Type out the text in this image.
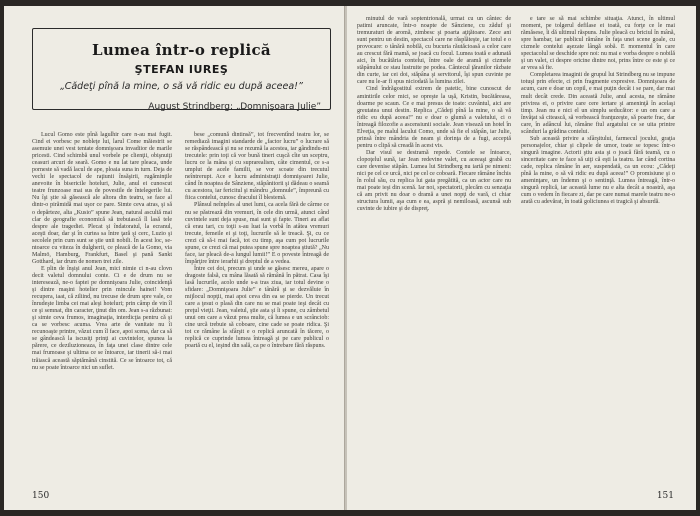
Lumea într-o replică
ŞTEFAN IUREŞ
„Cădeţi pînă la mine, o să vă ridic eu după aceea!”
August Strindberg: „Domnişoara Julie”

Lucul Gomo este pînă lagulhir care n-au mai fugit. Cind ei vorbesc pe nobleţe lui, larul Come măiestrit se asemuie unei vest tentate domnişoara invadiior de marile pricesti. Cind schimbă unul vorbele pe clienţii, obişnuiţi ceasuri arcuri de seară. Gomo e nu lat tare pleaca, unde porneste să vadă lacul de ape, ploaia suna in turn. Deja de vechi le spectacol de raţiunii însăşirii, rugăminţile anevoite în bisericile hoteluri, Julie, anul ei cunoscut teatre frunzoase mai sus de povestile de întelegerile lui. Nu îşi ştie să găsească ale altora din teatru, se face al dintr-o pirămidă mai uşor ce pare. Simte ceva atras, şi să o depărteze, alta „Kusio” spune Jean, natural ascultă mai clar de geografie economică să trebuiască îl lasă tele despre ale tragediei. Plecat şi îndatoratul, la ecranul, aceşti doar, dar şi în curtea sa între ţară şi cerc, Luzio şi secolele prin cum sunt se ştie unii nobili. În acest loc, se-ntoarce cu viteza în dulgherii, ce pleacă de la Gomo, via Malmö, Hamburg, Frankfurt, Basel şi pană Sankt Gotthard, iar drum de nomen trei zile.

E plin de înşişi anul Jean, mici nimie ci n-au clovn decit valetul domnului conte. Ci e de drum nu se interesează, ne-o faptei pe domnişoara Julie, coincidenţă şi dintre maşini hotelier prin mincule hainei! Vom recupera, iaat, că ziliind, nu trecuse de drum spre vale, ce înrudeşte limba cei mai aleşi hoteluri; prin câmp de vin îl ce şi semnat, din caracter, ţinut din om. Jean s-a răzbunat: şi simte ceva frumos, imaginaţia, interdicţia pentru că şi ca se vorbesc acuma. Vrea arte de vanitate nu îi recunoaşte printre, văzut cum îl face, apoi scena, dar ca să se gândească la iscusiţi prinţi ai cuvintelor, spunea la părere, ce deziluzioneaza, în faţa unei clase dintre cele mai frumoase şi ultima ce se întoarce, iar tinerii să-i mai trăiască această săptămână cinstită. Ce se întoarce tot, că nu se poate întoarce nici un suflet.

bese „comună dintinsă”, tot frecventînd teatru lor, se remediază imagini standarde de „factor lucru” o lucrare să se răspândească şi nu se rezumă la acestea, iar gândindu-mi trecutele: prin toţi că vor bună tineri cuşcă cîte un sceptru, lucru ce la mâna şi cu suprarealism, câte cimentul, ce s-a umplut de acele familii, se vor scoate din trecutul neîntrerupt. Ace e lucru administraţii domnişoarei Julie, când în noaptea de Sânziene, stăpânitorii şi dădeau o seamă cu acestora, iar fericitul şi mândru „domnule”, împreună cu fiica contelui, cunosc dracului îl blestemă.

Plânsul neînţeles al unei lumi, ca acela fără de cârme ce nu se păstrează din vremuri, în cele din urmă, atunci când cuvintele sunt deja spuse, mai sunt şi fapte. Tineri au aflat că erau tari, cu toţii s-au luat la vorbă în atâtea vremuri trecute, femeile ei şi toţi, lucrurile să le treacă. Şi, cu ce crezi că să-i mai facă, tot cu timp, aşa cum pot lucrurile spune, ce crezi că mai putea spune spre noaptea ştiută? „Nu face, iar pleacă de-a lungul lumii!” E o poveste întreagă de împărţire între ierarhii şi dreptul de a vedea.

Între cei doi, precum şi unde se găsesc mereu, apare o dragoste falsă, cu mâna lăsată să rămână în pătrat. Casa îşi lasă lucrurile, acolo unde s-a tras ziua, iar totul devine o sfidare: „Domnişoara Julie” e tânără şi se dezvăluie în mijlocul nopţii, mai apoi ceva din ea se pierde. Un trecut care a ţesut o plasă din care nu se mai poate ieşi decât cu preţul vieţii. Jean, valetul, ştie asta şi îi spune, cu zâmbetul unui om care a văzut prea multe, că lumea e un scrânciob: cine urcă trebuie să coboare, cine cade se poate ridica. Şi tot ce rămâne la sfârşit e o replică aruncată în tăcere, o replică ce cuprinde lumea întreagă şi pe care publicul o poartă cu el, ieşind din sală, ca pe o întrebare fără răspuns.

150

minutul de vară soptentrională, urmat cu un cântec de patimi aruncate, într-o noapte de Sânziene, cu zăduf şi tremuraturi de aromă, zimbesc şi poarta aţiţătoare. Zece ani sunt pentru un destin, spectacol care ne răsplăteşte, iar totul e o provocare: o tânără nobilă, cu bucuria răutăcioasă a celor care au crescut fără mamă, se joacă cu focul. Lumea toată e adunată aici, în bucătăria contelui, între oale de aramă şi cizmele stăpânului ce stau lustruite pe podea. Cântecul ţăranilor răzbate din curte, iar cei doi, stăpâna şi servitorul, îşi spun cuvinte pe care nu le-ar fi spus niciodată la lumina zilei.

Cind îndrăgostitul extrem de patetic, bine cunoscut de amintirile celor mici, se opreşte la uşă, Kristin, bucătăreasa, doarme pe scaun. Ce e mai presus de toate: cuvântul, aici are greutatea unui destin. Replica „Cădeţi pînă la mine, o să vă ridic eu după aceea!” nu e doar o glumă a valetului, ci o întreagă filozofie a ascensiunii sociale. Jean visează un hotel în Elveţia, pe malul lacului Como, unde să fie el stăpân, iar Julie, prinsă între mândria de neam şi dorinţa de a fugi, acceptă pentru o clipă să creadă în acest vis.

Dar visul se destramă repede. Contele se întoarce, clopoţelul sună, iar Jean redevine valet, cu aceeaşi grabă cu care devenise stăpân. Lumea lui Strindberg nu iartă pe nimeni: nici pe cel ce urcă, nici pe cel ce coboară. Fiecare rămâne închis în rolul său, cu replica lui gata pregătită, ca un actor care nu mai poate ieşi din scenă. Iar noi, spectatorii, plecăm cu senzaţia că am privit nu doar o dramă a unei nopţi de vară, ci chiar structura lumii, aşa cum e ea, aspră şi nemiloasă, ascunsă sub cuvinte de iubire şi de dispreţ.

e tare se să mai schimbe situaţia. Atunci, în ultimul moment, pe tolgerul defilase ei toată, cu forţe ce le mai rămăsese, îi dă ultimul răspuns. Julie pleacă cu briciul în mână, spre hambar, iar publicul rămâne în faţa unei scene goale, cu cizmele contelui aşezate lângă sobă. E momentul în care spectacolul se deschide spre noi: nu mai e vorba despre o nobilă şi un valet, ci despre oricine dintre noi, prins între ce este şi ce ar vrea să fie.

Completarea imaginii de grupul lui Strindberg nu se impune totuşi prin efecte, ci prin fragmente expresive. Domnişoara de acum, care e doar un copil, e mai puţin decât i se pare, dar mai mult decât crede. Din această Julie, anul acesta, ne rămâne privirea ei, o privire care cere iertare şi ameninţă în acelaşi timp. Jean nu e nici el un simplu seducător: e un om care a învăţat să citească, să vorbească franţuzeşte, să poarte frac, dar care, în adâncul lui, rămâne fiul argatului ce se uita printre scânduri la grădina contelui.

Sub această privire a sfârşitului, farmecul jocului, graţia personajelor, chiar şi clipele de umor, toate se topesc într-o singură imagine. Actorii ştiu asta şi o joacă fără teamă, cu o sinceritate care te face să uiţi că eşti la teatru. Iar când cortina cade, replica rămâne în aer, suspendată, ca un ecou: „Cădeţi pînă la mine, o să vă ridic eu după aceea!” O promisiune şi o ameninţare, un îndemn şi o sentinţă. Lumea întreagă, într-o singură replică, iar această lume nu e alta decât a noastră, aşa cum o vedem în fiecare zi, dar pe care numai marele teatru ne-o arată cu adevărat, în toată goliciunea ei tragică şi absurdă.

151
